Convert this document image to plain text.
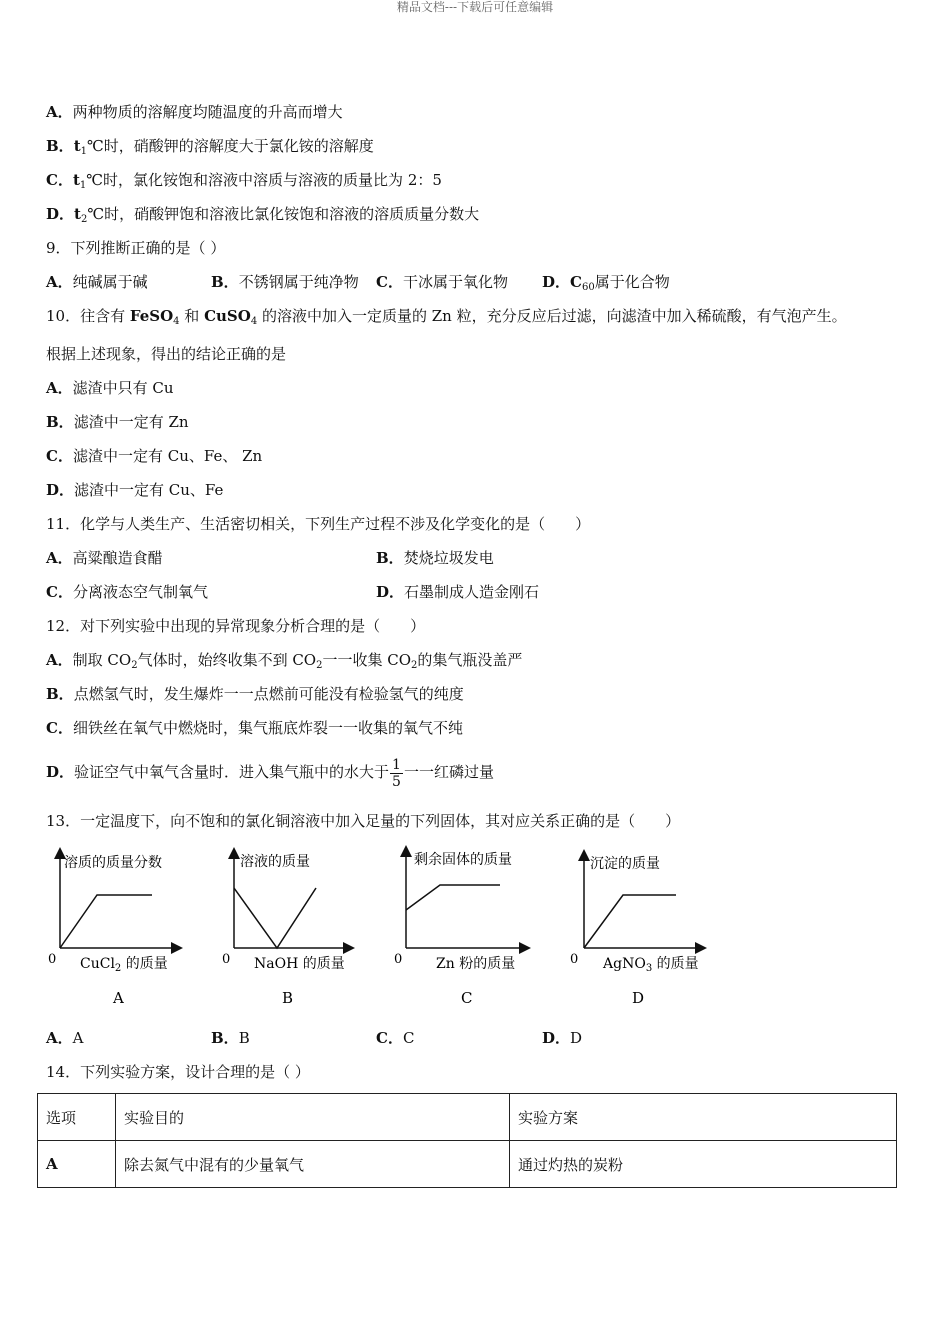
精品文档---下载后可任意编辑
A．两种物质的溶解度均随温度的升高而增大
B．$t_1℃$时，硝酸钾的溶解度大于氯化铵的溶解度
C．$t_1℃$时，氯化铵饱和溶液中溶质与溶液的质量比为 2：5
D．$t_2℃$时，硝酸钾饱和溶液比氯化铵饱和溶液的溶质质量分数大
9．下列推断正确的是（ ）
A．纯碱属于碱	B．不锈钢属于纯净物 C．干冰属于氧化物 D．$C_{60}$属于化合物
10．往含有 FeSO$_4$ 和 CuSO$_4$ 的溶液中加入一定质量的 Zn 粒，充分反应后过滤，向滤渣中加入稀硫酸，有气泡产生。
根据上述现象，得出的结论正确的是
A．滤渣中只有 Cu
B．滤渣中一定有 Zn
C．滤渣中一定有 Cu、Fe、 Zn
D．滤渣中一定有 Cu、Fe
11．化学与人类生产、生活密切相关，下列生产过程不涉及化学变化的是（　　）
A．高粱酿造食醋	B．焚烧垃圾发电
C．分离液态空气制氧气	D．石墨制成人造金刚石
12．对下列实验中出现的异常现象分析合理的是（　　）
A．制取 $CO_2$气体时，始终收集不到 $CO_2$一一收集 $CO_2$的集气瓶没盖严
B．点燃氢气时，发生爆炸一一点燃前可能没有检验氢气的纯度
C．细铁丝在氧气中燃烧时，集气瓶底炸裂一一收集的氧气不纯
D．验证空气中氧气含量时．进入集气瓶中的水大于 $\frac{1}{5}$ 一一红磷过量
13．一定温度下，向不饱和的氯化铜溶液中加入足量的下列固体，其对应关系正确的是（　　）
溶质的质量分数
0 CuCl$_2$ 的质量
A
溶液的质量
0 NaOH 的质量
B
剩余固体的质量
0 Zn 粉的质量
C
沉淀的质量
0 AgNO$_3$ 的质量
D
A．A	B．B	C．C	D．D
14．下列实验方案，设计合理的是（ ）
选项	实验目的	实验方案
A	除去氮气中混有的少量氧气	通过灼热的炭粉
